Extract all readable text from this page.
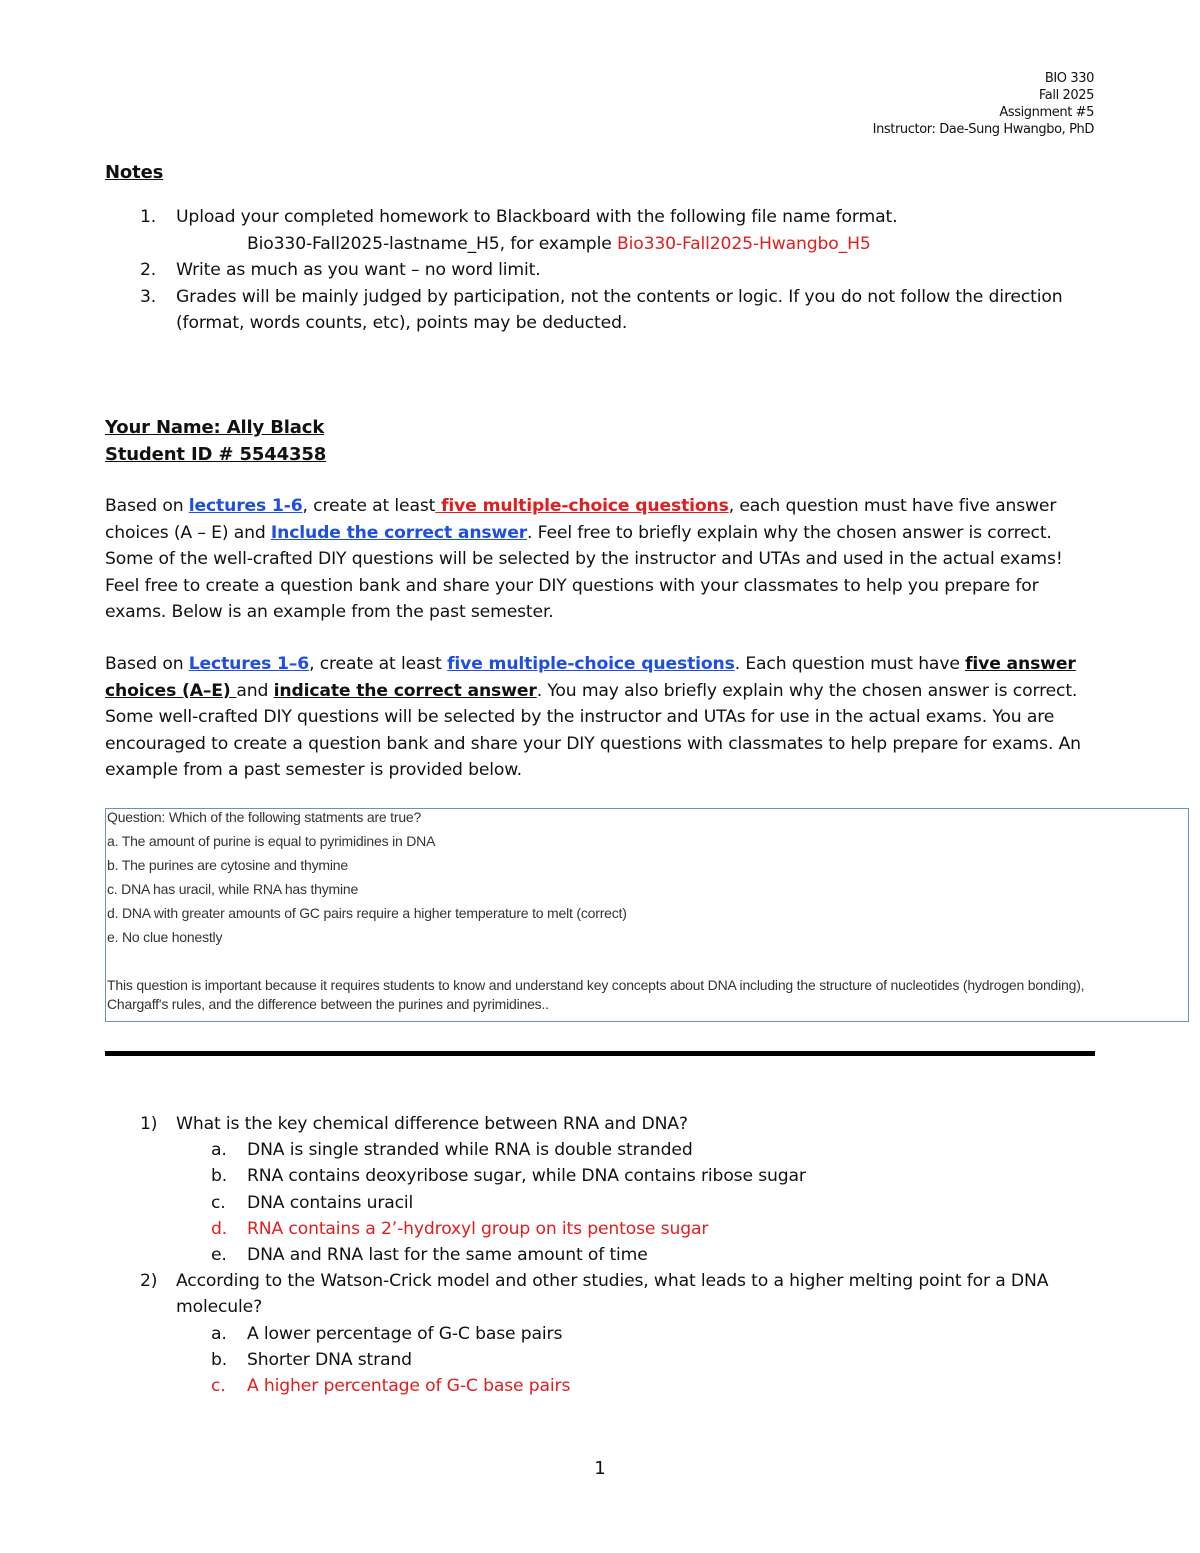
BIO 330
Fall 2025
Assignment #5
Instructor: Dae-Sung Hwangbo, PhD
Notes
1. Upload your completed homework to Blackboard with the following file name format.
Bio330-Fall2025-lastname_H5, for example Bio330-Fall2025-Hwangbo_H5
2. Write as much as you want – no word limit.
3. Grades will be mainly judged by participation, not the contents or logic. If you do not follow the direction (format, words counts, etc), points may be deducted.
Your Name: Ally Black
Student ID # 5544358
Based on lectures 1-6, create at least five multiple-choice questions, each question must have five answer choices (A – E) and Include the correct answer. Feel free to briefly explain why the chosen answer is correct. Some of the well-crafted DIY questions will be selected by the instructor and UTAs and used in the actual exams! Feel free to create a question bank and share your DIY questions with your classmates to help you prepare for exams. Below is an example from the past semester.
Based on Lectures 1–6, create at least five multiple-choice questions. Each question must have five answer choices (A–E) and indicate the correct answer. You may also briefly explain why the chosen answer is correct. Some well-crafted DIY questions will be selected by the instructor and UTAs for use in the actual exams. You are encouraged to create a question bank and share your DIY questions with classmates to help prepare for exams. An example from a past semester is provided below.
Question: Which of the following statments are true?
a. The amount of purine is equal to pyrimidines in DNA
b. The purines are cytosine and thymine
c. DNA has uracil, while RNA has thymine
d. DNA with greater amounts of GC pairs require a higher temperature to melt (correct)
e. No clue honestly
This question is important because it requires students to know and understand key concepts about DNA including the structure of nucleotides (hydrogen bonding),
Chargaff's rules, and the difference between the purines and pyrimidines..
1) What is the key chemical difference between RNA and DNA?
a. DNA is single stranded while RNA is double stranded
b. RNA contains deoxyribose sugar, while DNA contains ribose sugar
c. DNA contains uracil
d. RNA contains a 2’-hydroxyl group on its pentose sugar
e. DNA and RNA last for the same amount of time
2) According to the Watson-Crick model and other studies, what leads to a higher melting point for a DNA molecule?
a. A lower percentage of G-C base pairs
b. Shorter DNA strand
c. A higher percentage of G-C base pairs
1
